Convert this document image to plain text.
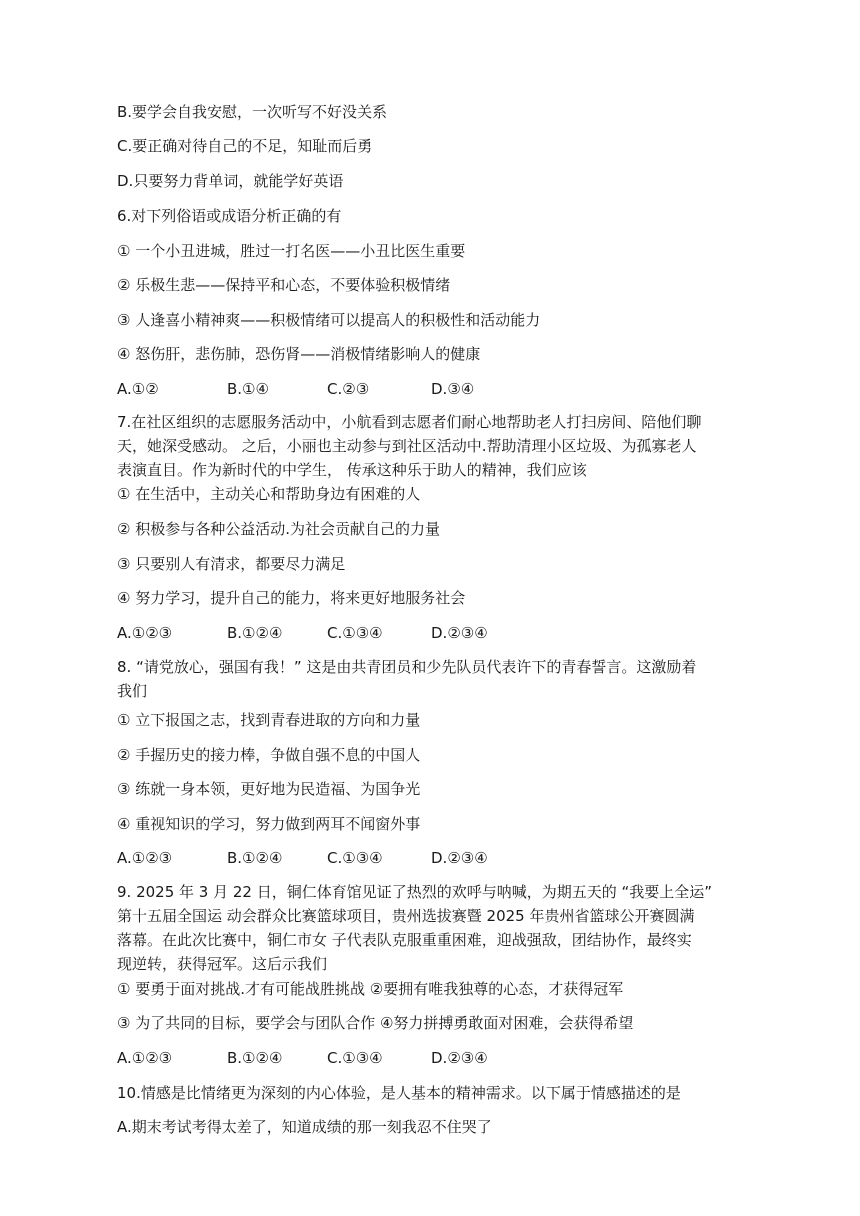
B.要学会自我安慰，一次听写不好没关系
C.要正确对待自己的不足，知耻而后勇
D.只要努力背单词，就能学好英语
6.对下列俗语或成语分析正确的有
① 一个小丑进城，胜过一打名医——小丑比医生重要
② 乐极生悲——保持平和心态，不要体验积极情绪
③ 人逢喜小精神爽——积极情绪可以提高人的积极性和活动能力
④ 怒伤肝，悲伤肺，恐伤肾——消极情绪影响人的健康
A.①②	B.①④	C.②③	D.③④
7.在社区组织的志愿服务活动中，小航看到志愿者们耐心地帮助老人打扫房间、陪他们聊
天，她深受感动。 之后，小丽也主动参与到社区活动中.帮助清理小区垃圾、为孤寡老人
表演直目。作为新时代的中学生， 传承这种乐于助人的精神，我们应该
① 在生活中，主动关心和帮助身边有困难的人
② 积极参与各种公益活动.为社会贡献自己的力量
③ 只要别人有清求，都要尽力满足
④ 努力学习，提升自己的能力，将来更好地服务社会
A.①②③	B.①②④	C.①③④	D.②③④
8. “请党放心，强国有我！” 这是由共青团员和少先队员代表许下的青春誓言。这激励着
我们
① 立下报国之志，找到青春进取的方向和力量
② 手握历史的接力棒，争做自强不息的中国人
③ 练就一身本领，更好地为民造福、为国争光
④ 重视知识的学习，努力做到两耳不闻窗外事
A.①②③	B.①②④	C.①③④	D.②③④
9. 2025 年 3 月 22 日，铜仁体育馆见证了热烈的欢呼与呐喊，为期五天的 “我要上全运”
第十五届全国运 动会群众比赛篮球项目，贵州选拔赛暨 2025 年贵州省篮球公开赛圆满
落幕。在此次比赛中，铜仁市女 子代表队克服重重困难，迎战强敌，团结协作，最终实
现逆转，获得冠军。这后示我们
① 要勇于面对挑战.才有可能战胜挑战 ②要拥有唯我独尊的心态，才获得冠军
③ 为了共同的目标，要学会与团队合作 ④努力拼搏勇敢面对困难，会获得希望
A.①②③	B.①②④	C.①③④	D.②③④
10.情感是比情绪更为深刻的内心体验，是人基本的精神需求。以下属于情感描述的是
A.期末考试考得太差了，知道成绩的那一刻我忍不住哭了
